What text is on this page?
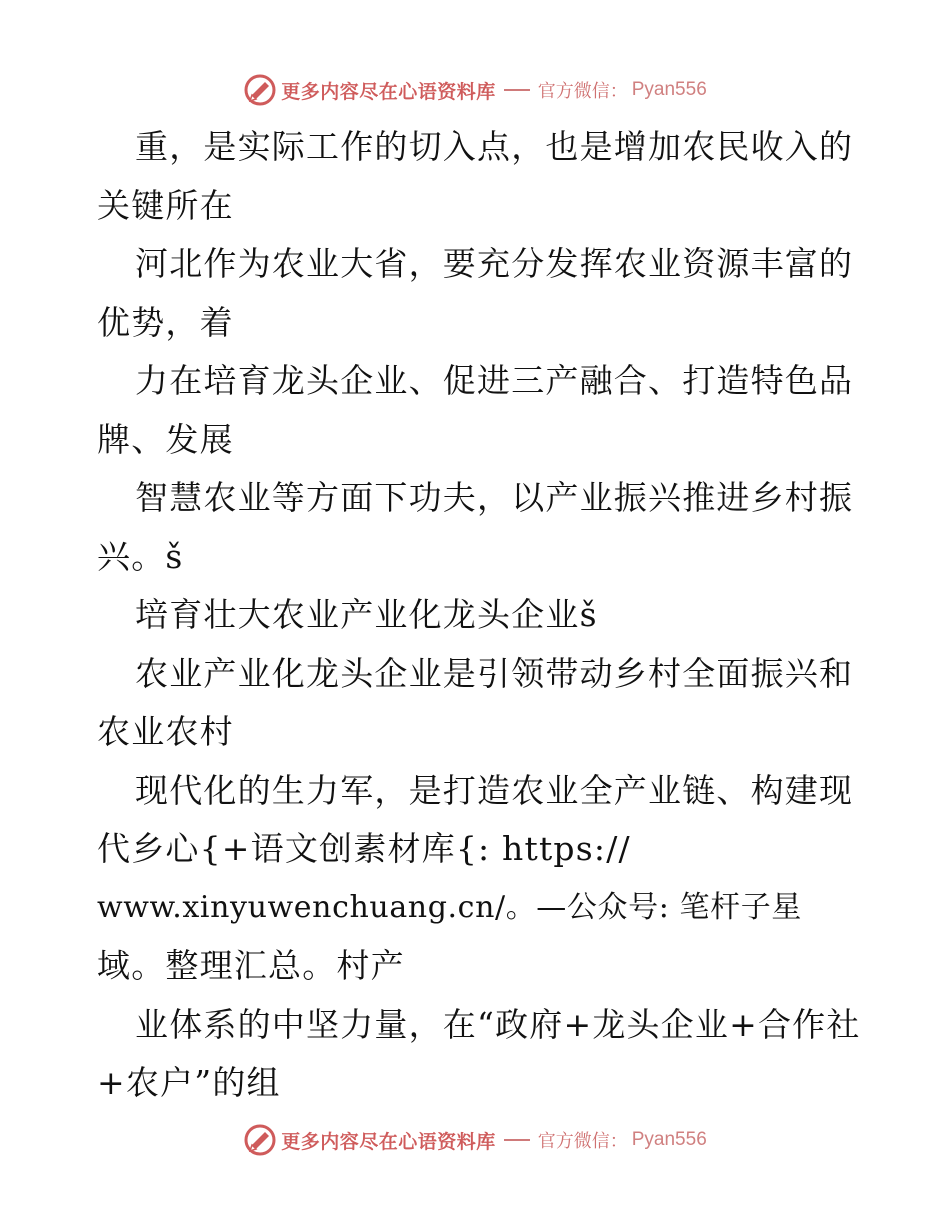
更多内容尽在心语资料库 官方微信： Pyan556
重，是实际工作的切入点，也是增加农民收入的
关键所在
河北作为农业大省，要充分发挥农业资源丰富的
优势，着
力在培育龙头企业、促进三产融合、打造特色品
牌、发展
智慧农业等方面下功夫，以产业振兴推进乡村振
兴。š
培育壮大农业产业化龙头企业š
农业产业化龙头企业是引领带动乡村全面振兴和
农业农村
现代化的生力军，是打造农业全产业链、构建现
代乡心{+语文创素材库{: https://
www.xinyuwenchuang.cn/。—公众号: 笔杆子星
域。整理汇总。村产
业体系的中坚力量，在“政府+龙头企业+合作社
+农户”的组
更多内容尽在心语资料库 官方微信： Pyan556
